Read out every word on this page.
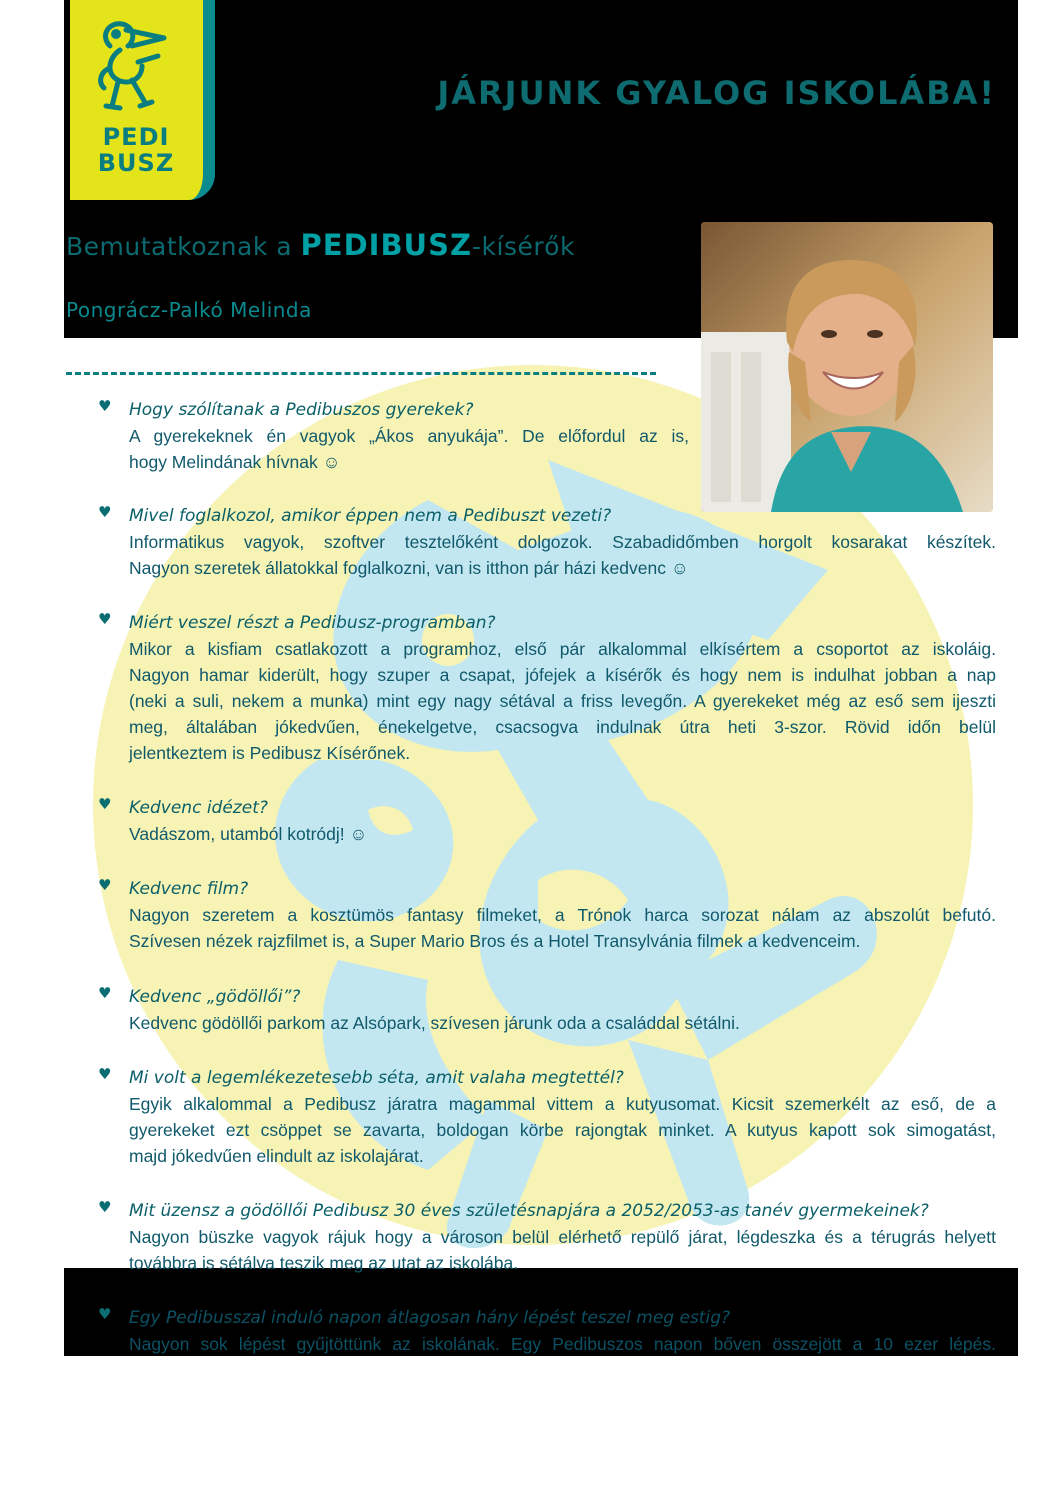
PEDI
BUSZ
JÁRJUNK GYALOG ISKOLÁBA!
Bemutatkoznak a PEDIBUSZ-kísérők
Pongrácz-Palkó Melinda
♥ Hogy szólítanak a Pedibuszos gyerekek?
A gyerekeknek én vagyok „Ákos anyukája”. De előfordul az is,
hogy Melindának hívnak ☺
♥ Mivel foglalkozol, amikor éppen nem a Pedibuszt vezeti?
Informatikus vagyok, szoftver tesztelőként dolgozok. Szabadidőmben horgolt kosarakat készítek.
Nagyon szeretek állatokkal foglalkozni, van is itthon pár házi kedvenc ☺
♥ Miért veszel részt a Pedibusz-programban?
Mikor a kisfiam csatlakozott a programhoz, első pár alkalommal elkísértem a csoportot az iskoláig.
Nagyon hamar kiderült, hogy szuper a csapat, jófejek a kísérők és hogy nem is indulhat jobban a nap
(neki a suli, nekem a munka) mint egy nagy sétával a friss levegőn. A gyerekeket még az eső sem ijeszti
meg, általában jókedvűen, énekelgetve, csacsogva indulnak útra heti 3-szor. Rövid időn belül
jelentkeztem is Pedibusz Kísérőnek.
♥ Kedvenc idézet?
Vadászom, utamból kotródj! ☺
♥ Kedvenc film?
Nagyon szeretem a kosztümös fantasy filmeket, a Trónok harca sorozat nálam az abszolút befutó.
Szívesen nézek rajzfilmet is, a Super Mario Bros és a Hotel Transylvánia filmek a kedvenceim.
♥ Kedvenc „gödöllői”?
Kedvenc gödöllői parkom az Alsópark, szívesen járunk oda a családdal sétálni.
♥ Mi volt a legemlékezetesebb séta, amit valaha megtettél?
Egyik alkalommal a Pedibusz járatra magammal vittem a kutyusomat. Kicsit szemerkélt az eső, de a
gyerekeket ezt csöppet se zavarta, boldogan körbe rajongtak minket. A kutyus kapott sok simogatást,
majd jókedvűen elindult az iskolajárat.
♥ Mit üzensz a gödöllői Pedibusz 30 éves születésnapjára a 2052/2053-as tanév gyermekeinek?
Nagyon büszke vagyok rájuk hogy a városon belül elérhető repülő járat, légdeszka és a térugrás helyett
továbbra is sétálva teszik meg az utat az iskolába.
♥ Egy Pedibusszal induló napon átlagosan hány lépést teszel meg estig?
Nagyon sok lépést gyűjtöttünk az iskolának. Egy Pedibuszos napon bőven összejött a 10 ezer lépés.
